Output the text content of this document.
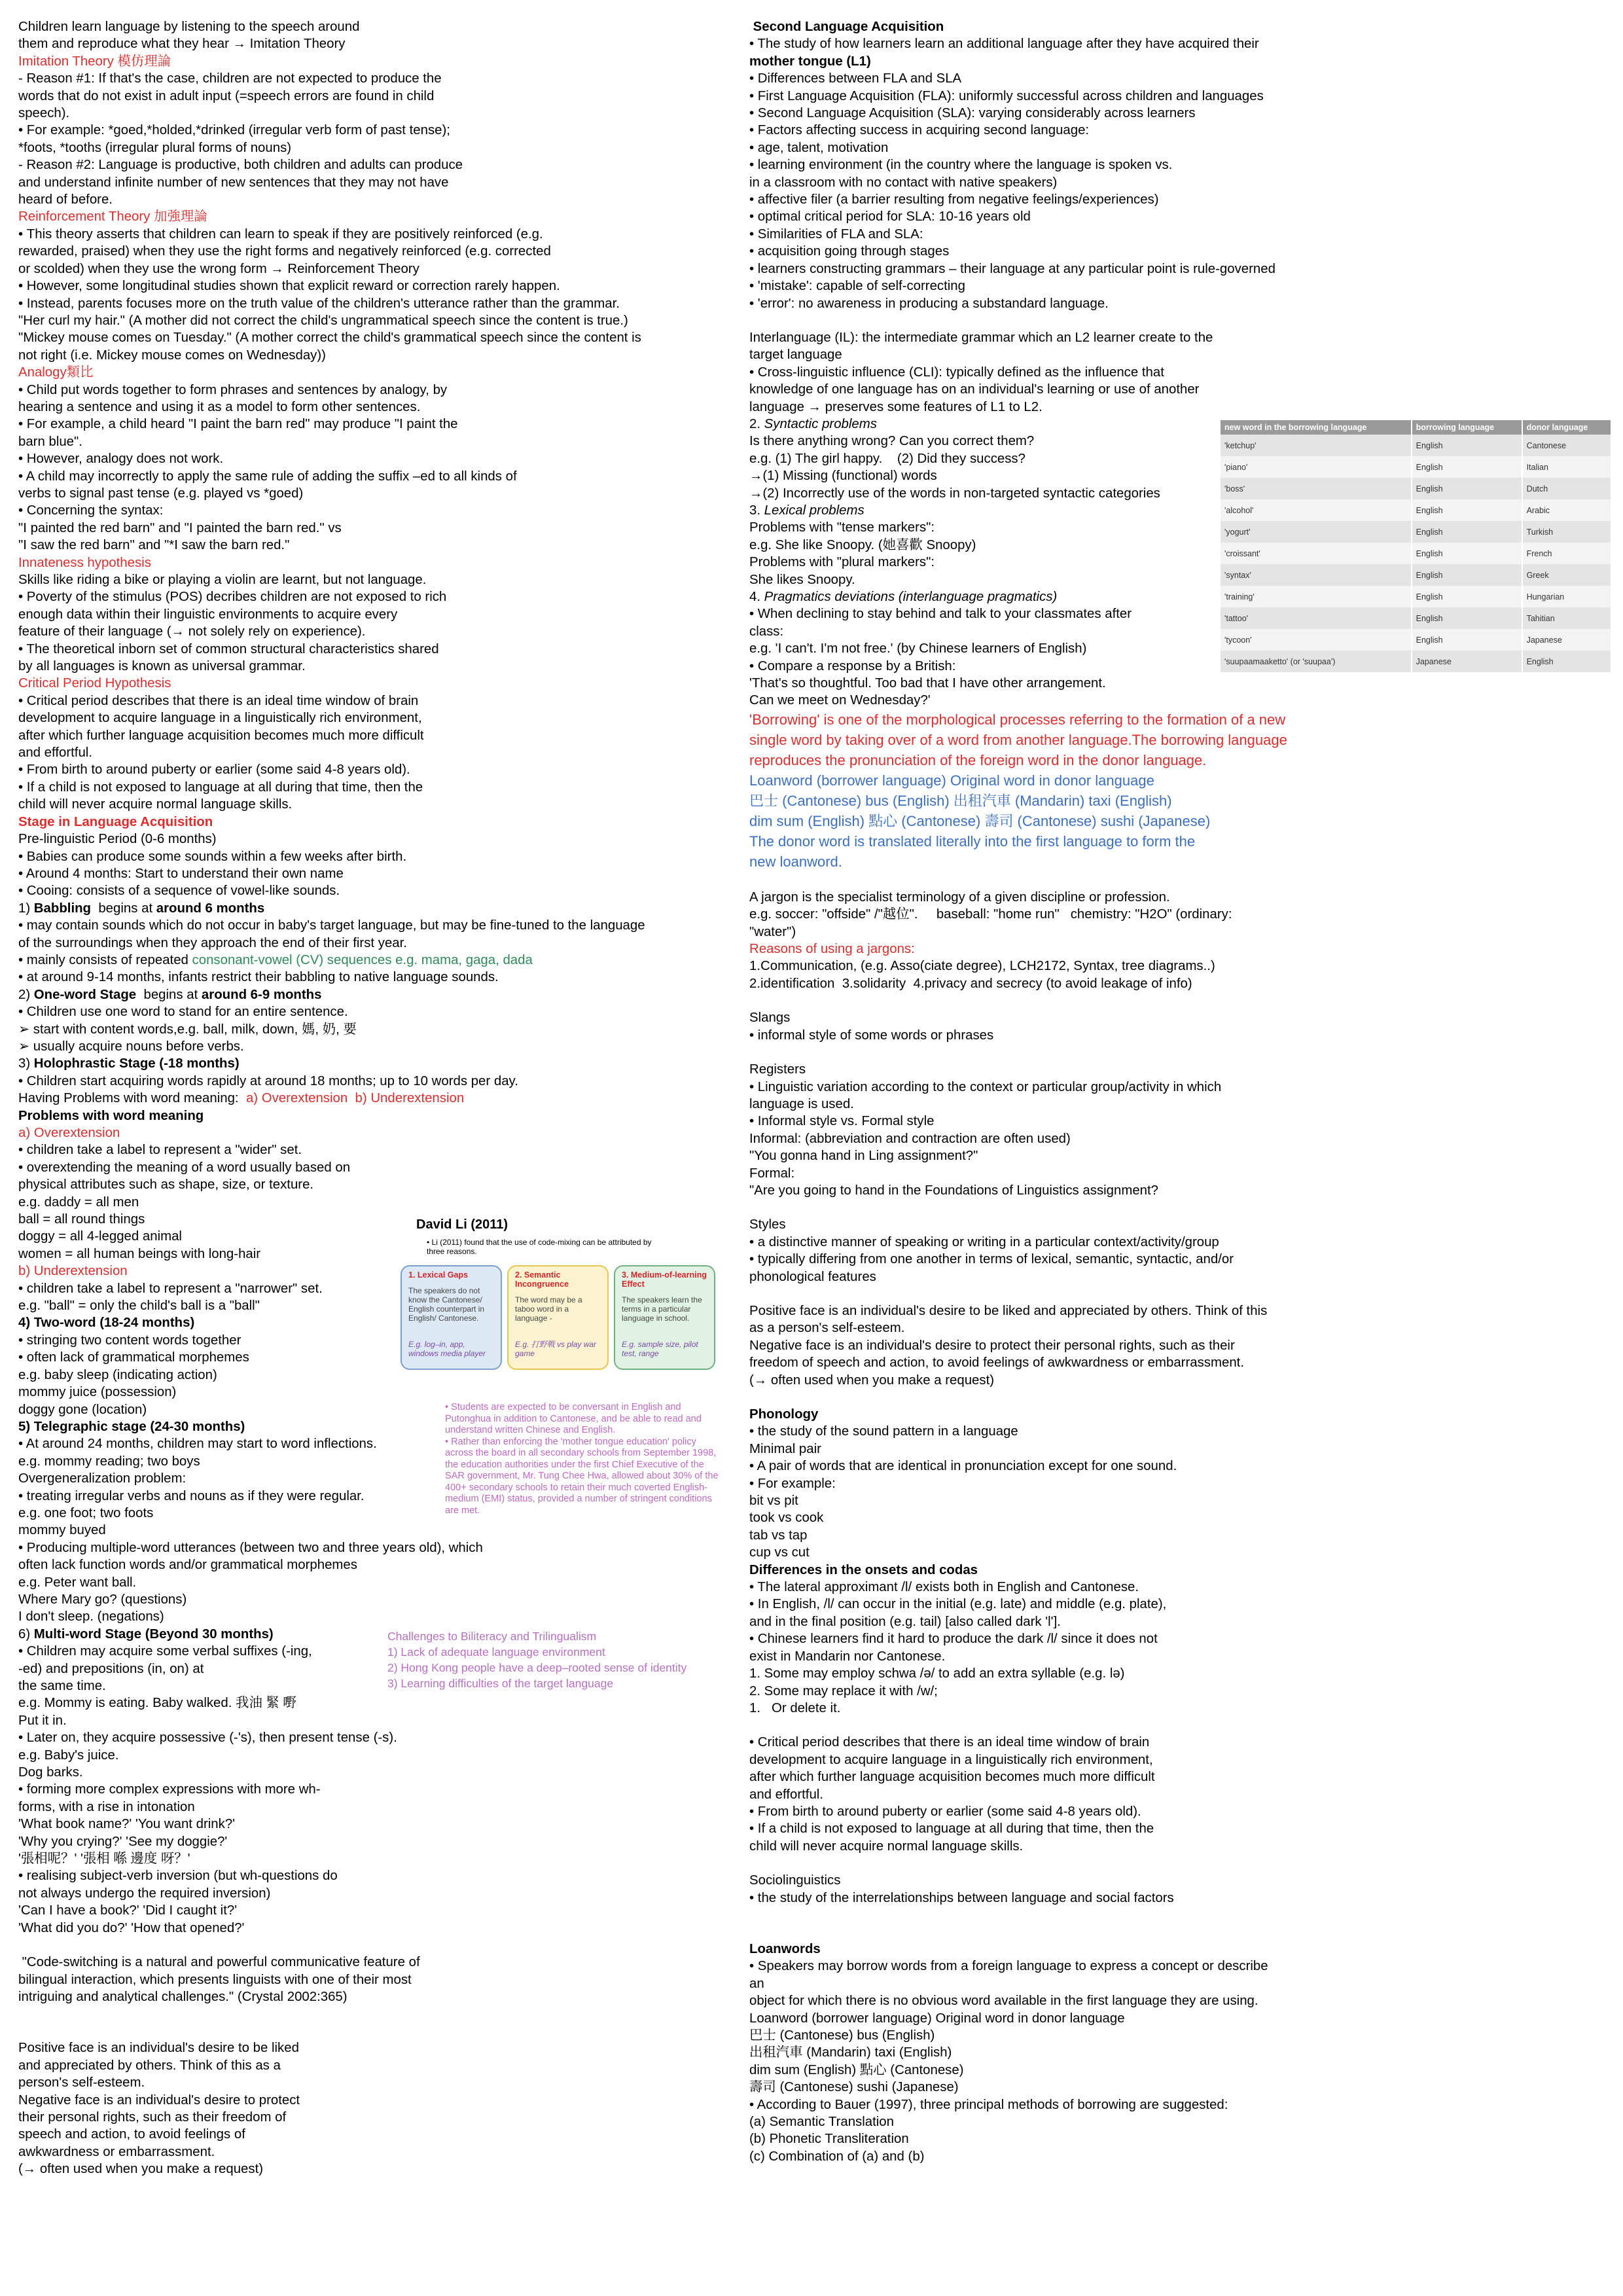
Children learn language by listening to the speech around
them and reproduce what they hear → Imitation Theory
Imitation Theory 模仿理論
- Reason #1: If that's the case, children are not expected to produce the
words that do not exist in adult input (=speech errors are found in child
speech).
• For example: *goed,*holded,*drinked (irregular verb form of past tense);
*foots, *tooths (irregular plural forms of nouns)
- Reason #2: Language is productive, both children and adults can produce
and understand infinite number of new sentences that they may not have
heard of before.
Reinforcement Theory 加強理論
• This theory asserts that children can learn to speak if they are positively reinforced (e.g.
rewarded, praised) when they use the right forms and negatively reinforced (e.g. corrected
or scolded) when they use the wrong form → Reinforcement Theory
• However, some longitudinal studies shown that explicit reward or correction rarely happen.
• Instead, parents focuses more on the truth value of the children's utterance rather than the grammar.
"Her curl my hair." (A mother did not correct the child's ungrammatical speech since the content is true.)
"Mickey mouse comes on Tuesday." (A mother correct the child's grammatical speech since the content is
not right (i.e. Mickey mouse comes on Wednesday))
Analogy類比
• Child put words together to form phrases and sentences by analogy, by
hearing a sentence and using it as a model to form other sentences.
• For example, a child heard "I paint the barn red" may produce "I paint the
barn blue".
• However, analogy does not work.
• A child may incorrectly to apply the same rule of adding the suffix –ed to all kinds of
verbs to signal past tense (e.g. played vs *goed)
• Concerning the syntax:
"I painted the red barn" and "I painted the barn red." vs
"I saw the red barn" and "*I saw the barn red."
Innateness hypothesis
Skills like riding a bike or playing a violin are learnt, but not language.
• Poverty of the stimulus (POS) decribes children are not exposed to rich
enough data within their linguistic environments to acquire every
feature of their language (→ not solely rely on experience).
• The theoretical inborn set of common structural characteristics shared
by all languages is known as universal grammar.
Critical Period Hypothesis
• Critical period describes that there is an ideal time window of brain
development to acquire language in a linguistically rich environment,
after which further language acquisition becomes much more difficult
and effortful.
• From birth to around puberty or earlier (some said 4-8 years old).
• If a child is not exposed to language at all during that time, then the
child will never acquire normal language skills.
Stage in Language Acquisition
Pre-linguistic Period (0-6 months)
• Babies can produce some sounds within a few weeks after birth.
• Around 4 months: Start to understand their own name
• Cooing: consists of a sequence of vowel-like sounds.
1) Babbling  begins at around 6 months
• may contain sounds which do not occur in baby's target language, but may be fine-tuned to the language
of the surroundings when they approach the end of their first year.
• mainly consists of repeated consonant-vowel (CV) sequences e.g. mama, gaga, dada
• at around 9-14 months, infants restrict their babbling to native language sounds.
2) One-word Stage  begins at around 6-9 months
• Children use one word to stand for an entire sentence.
➢ start with content words,e.g. ball, milk, down, 媽, 奶, 要
➢ usually acquire nouns before verbs.
3) Holophrastic Stage (-18 months)
• Children start acquiring words rapidly at around 18 months; up to 10 words per day.
Having Problems with word meaning:  a) Overextension  b) Underextension
Problems with word meaning
a) Overextension
• children take a label to represent a "wider" set.
• overextending the meaning of a word usually based on
physical attributes such as shape, size, or texture.
e.g. daddy = all men
ball = all round things
doggy = all 4-legged animal
women = all human beings with long-hair
b) Underextension
• children take a label to represent a "narrower" set.
e.g. "ball" = only the child's ball is a "ball"
4) Two-word (18-24 months)
• stringing two content words together
• often lack of grammatical morphemes
e.g. baby sleep (indicating action)
mommy juice (possession)
doggy gone (location)
5) Telegraphic stage (24-30 months)
• At around 24 months, children may start to word inflections.
e.g. mommy reading; two boys
Overgeneralization problem:
• treating irregular verbs and nouns as if they were regular.
e.g. one foot; two foots
mommy buyed
• Producing multiple-word utterances (between two and three years old), which
often lack function words and/or grammatical morphemes
e.g. Peter want ball.
Where Mary go? (questions)
I don't sleep. (negations)
6) Multi-word Stage (Beyond 30 months)
• Children may acquire some verbal suffixes (-ing,
-ed) and prepositions (in, on) at
the same time.
e.g. Mommy is eating. Baby walked. 我油 緊 嘢
Put it in.
• Later on, they acquire possessive (-'s), then present tense (-s).
e.g. Baby's juice.
Dog barks.
• forming more complex expressions with more wh-
forms, with a rise in intonation
'What book name?' 'You want drink?'
'Why you crying?' 'See my doggie?'
'張相呢？' '張相 喺 邊度 呀？'
• realising subject-verb inversion (but wh-questions do
not always undergo the required inversion)
'Can I have a book?' 'Did I caught it?'
'What did you do?' 'How that opened?'

"Code-switching is a natural and powerful communicative feature of
bilingual interaction, which presents linguists with one of their most
intriguing and analytical challenges." (Crystal 2002:365)

Positive face is an individual's desire to be liked
and appreciated by others. Think of this as a
person's self-esteem.
Negative face is an individual's desire to protect
their personal rights, such as their freedom of
speech and action, to avoid feelings of
awkwardness or embarrassment.
(→ often used when you make a request)

David Li (2011)
• Li (2011) found that the use of code-mixing can be attributed by three reasons.
1. Lexical Gaps
The speakers do not know the Cantonese/ English counterpart in English/ Cantonese.
E.g. log–in, app, windows media player
2. Semantic Incongruence
The word may be a taboo word in a language -
E.g. 打野戰 vs play war game
3. Medium-of-learning Effect
The speakers learn the terms in a particular language in school.
E.g. sample size, pilot test, range
• Students are expected to be conversant in English and Putonghua in addition to Cantonese, and be able to read and understand written Chinese and English.
• Rather than enforcing the 'mother tongue education' policy across the board in all secondary schools from September 1998, the education authorities under the first Chief Executive of the SAR government, Mr. Tung Chee Hwa, allowed about 30% of the 400+ secondary schools to retain their much coverted English-medium (EMI) status, provided a number of stringent conditions are met.
Challenges to Biliteracy and Trilingualism
1) Lack of adequate language environment
2) Hong Kong people have a deep–rooted sense of identity
3) Learning difficulties of the target language

Second Language Acquisition
• The study of how learners learn an additional language after they have acquired their
mother tongue (L1)
• Differences between FLA and SLA
• First Language Acquisition (FLA): uniformly successful across children and languages
• Second Language Acquisition (SLA): varying considerably across learners
• Factors affecting success in acquiring second language:
• age, talent, motivation
• learning environment (in the country where the language is spoken vs.
in a classroom with no contact with native speakers)
• affective filer (a barrier resulting from negative feelings/experiences)
• optimal critical period for SLA: 10-16 years old
• Similarities of FLA and SLA:
• acquisition going through stages
• learners constructing grammars – their language at any particular point is rule-governed
• 'mistake': capable of self-correcting
• 'error': no awareness in producing a substandard language.

Interlanguage (IL): the intermediate grammar which an L2 learner create to the
target language
• Cross-linguistic influence (CLI): typically defined as the influence that
knowledge of one language has on an individual's learning or use of another
language → preserves some features of L1 to L2.
2. Syntactic problems
Is there anything wrong? Can you correct them?
e.g. (1) The girl happy.    (2) Did they success?
→(1) Missing (functional) words
→(2) Incorrectly use of the words in non-targeted syntactic categories
3. Lexical problems
Problems with "tense markers":
e.g. She like Snoopy. (她喜歡 Snoopy)
Problems with "plural markers":
She likes Snoopy.
4. Pragmatics deviations (interlanguage pragmatics)
• When declining to stay behind and talk to your classmates after
class:
e.g. 'I can't. I'm not free.' (by Chinese learners of English)
• Compare a response by a British:
'That's so thoughtful. Too bad that I have other arrangement.
Can we meet on Wednesday?'

'Borrowing' is one of the morphological processes referring to the formation of a new
single word by taking over of a word from another language.The borrowing language
reproduces the pronunciation of the foreign word in the donor language.

Loanword (borrower language) Original word in donor language
巴士 (Cantonese) bus (English) 出租汽車 (Mandarin) taxi (English)
dim sum (English) 點心 (Cantonese) 壽司 (Cantonese) sushi (Japanese)
The donor word is translated literally into the first language to form the
new loanword.

A jargon is the specialist terminology of a given discipline or profession.
e.g. soccer: "offside" /"越位".     baseball: "home run"   chemistry: "H2O" (ordinary:
"water")
Reasons of using a jargons:
1.Communication, (e.g. Asso(ciate degree), LCH2172, Syntax, tree diagrams..)
2.identification  3.solidarity  4.privacy and secrecy (to avoid leakage of info)

Slangs
• informal style of some words or phrases

Registers
• Linguistic variation according to the context or particular group/activity in which
language is used.
• Informal style vs. Formal style
Informal: (abbreviation and contraction are often used)
"You gonna hand in Ling assignment?"
Formal:
"Are you going to hand in the Foundations of Linguistics assignment?

Styles
• a distinctive manner of speaking or writing in a particular context/activity/group
• typically differing from one another in terms of lexical, semantic, syntactic, and/or
phonological features

Positive face is an individual's desire to be liked and appreciated by others. Think of this
as a person's self-esteem.
Negative face is an individual's desire to protect their personal rights, such as their
freedom of speech and action, to avoid feelings of awkwardness or embarrassment.
(→ often used when you make a request)

Phonology
• the study of the sound pattern in a language
Minimal pair
• A pair of words that are identical in pronunciation except for one sound.
• For example:
bit vs pit
took vs cook
tab vs tap
cup vs cut
Differences in the onsets and codas
• The lateral approximant /l/ exists both in English and Cantonese.
• In English, /l/ can occur in the initial (e.g. late) and middle (e.g. plate),
and in the final position (e.g. tail) [also called dark 'l'].
• Chinese learners find it hard to produce the dark /l/ since it does not
exist in Mandarin nor Cantonese.
1. Some may employ schwa /ə/ to add an extra syllable (e.g. lə)
2. Some may replace it with /w/;
1.   Or delete it.

• Critical period describes that there is an ideal time window of brain
development to acquire language in a linguistically rich environment,
after which further language acquisition becomes much more difficult
and effortful.
• From birth to around puberty or earlier (some said 4-8 years old).
• If a child is not exposed to language at all during that time, then the
child will never acquire normal language skills.

Sociolinguistics
• the study of the interrelationships between language and social factors

Loanwords
• Speakers may borrow words from a foreign language to express a concept or describe
an
object for which there is no obvious word available in the first language they are using.
Loanword (borrower language) Original word in donor language
巴士 (Cantonese) bus (English)
出租汽車 (Mandarin) taxi (English)
dim sum (English) 點心 (Cantonese)
壽司 (Cantonese) sushi (Japanese)
• According to Bauer (1997), three principal methods of borrowing are suggested:
(a) Semantic Translation
(b) Phonetic Transliteration
(c) Combination of (a) and (b)

new word in the borrowing language	borrowing language	donor language
'ketchup'	English	Cantonese
'piano'	English	Italian
'boss'	English	Dutch
'alcohol'	English	Arabic
'yogurt'	English	Turkish
'croissant'	English	French
'syntax'	English	Greek
'training'	English	Hungarian
'tattoo'	English	Tahitian
'tycoon'	English	Japanese
'suupaamaaketto' (or 'suupaa')	Japanese	English
